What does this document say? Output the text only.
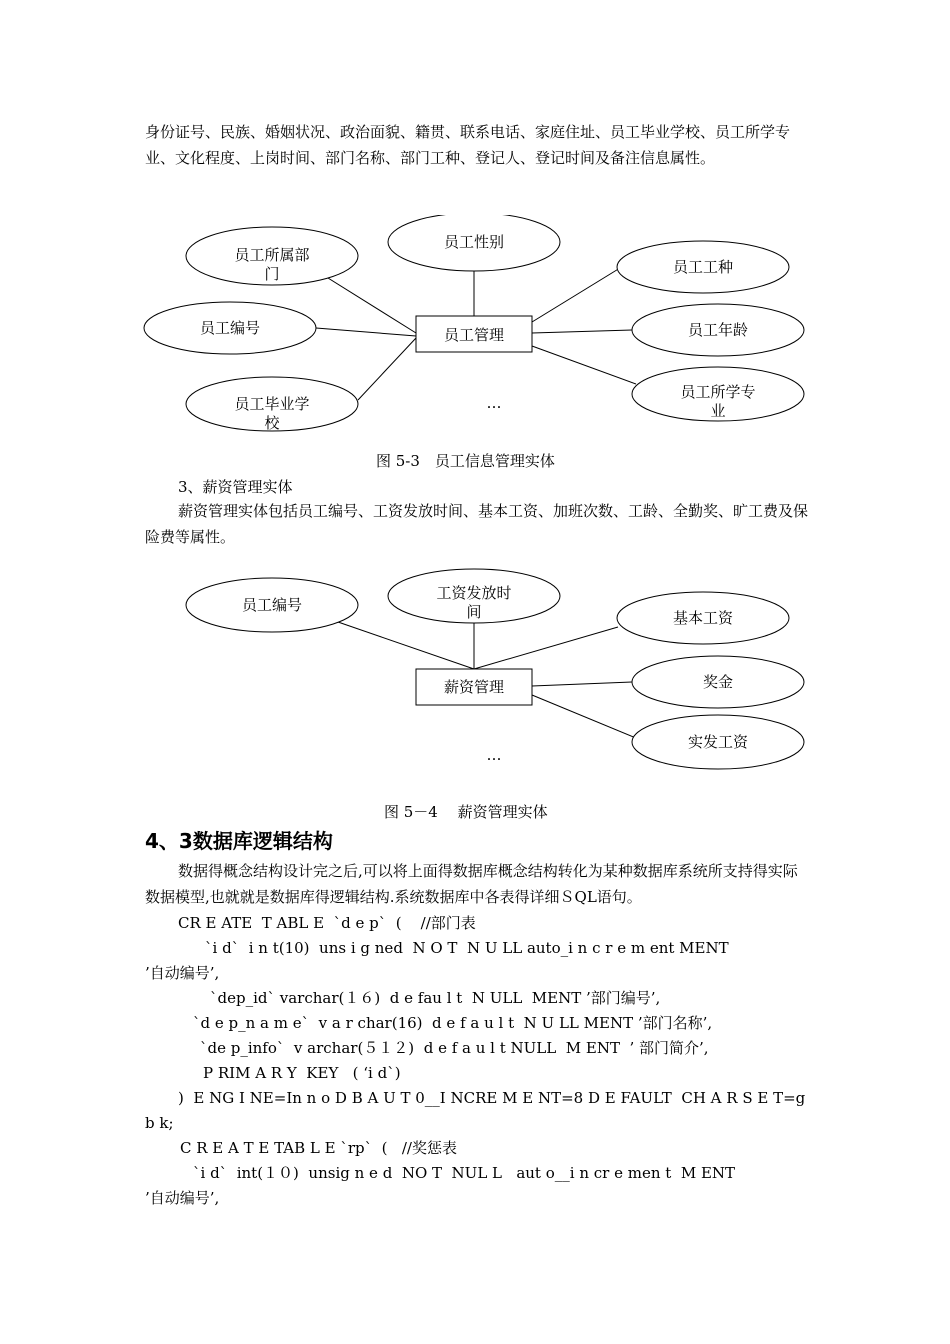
身份证号、民族、婚姻状况、政治面貌、籍贯、联系电话、家庭住址、员工毕业学校、员工所学专业、文化程度、上岗时间、部门名称、部门工种、登记人、登记时间及备注信息属性。
员工所属部
门
员工性别
员工工种
员工编号	员工年龄
员工毕业学
校
员工所学专
业
员工管理
…
图 5-3　员工信息管理实体
3、薪资管理实体
薪资管理实体包括员工编号、工资发放时间、基本工资、加班次数、工龄、全勤奖、旷工费及保险费等属性。
员工编号
工资发放时
间	基本工资
奖金
实发工资
薪资管理
…
图 5－4　 薪资管理实体
4、3数据库逻辑结构
数据得概念结构设计完之后,可以将上面得数据库概念结构转化为某种数据库系统所支持得实际数据模型,也就就是数据库得逻辑结构.系统数据库中各表得详细ＳQL语句。
CR E ATE  T ABL E  `d e p`  (    //部门表
`i d`  i n t(10)  uns i g ned  N O T  N U LL auto_i n c r e m ent MENT
’自动编号’,
`dep_id` varchar(１６)  d e fau l t  N ULL  MENT ’部门编号’,
`d e p_n a m e`  v a r char(16)  d e f a u l t  N U LL MENT ’部门名称’,
`de p_info`  v archar(５１２)  d e f a u l t NULL  M ENT  ’ 部门简介’,
P RIM A R Y  KEY   ( ‘i d`)
)  E NG I NE=In n o D B A U T 0__I NCRE M E NT=8 D E FAULT  CH A R S E T=g
b k;
C R E A T E TAB L E `rp`  (   //奖惩表
`i d`  int(１０)  unsig n e d  NO T  NUL L   aut o__i n cr e men t  M ENT
’自动编号’,
